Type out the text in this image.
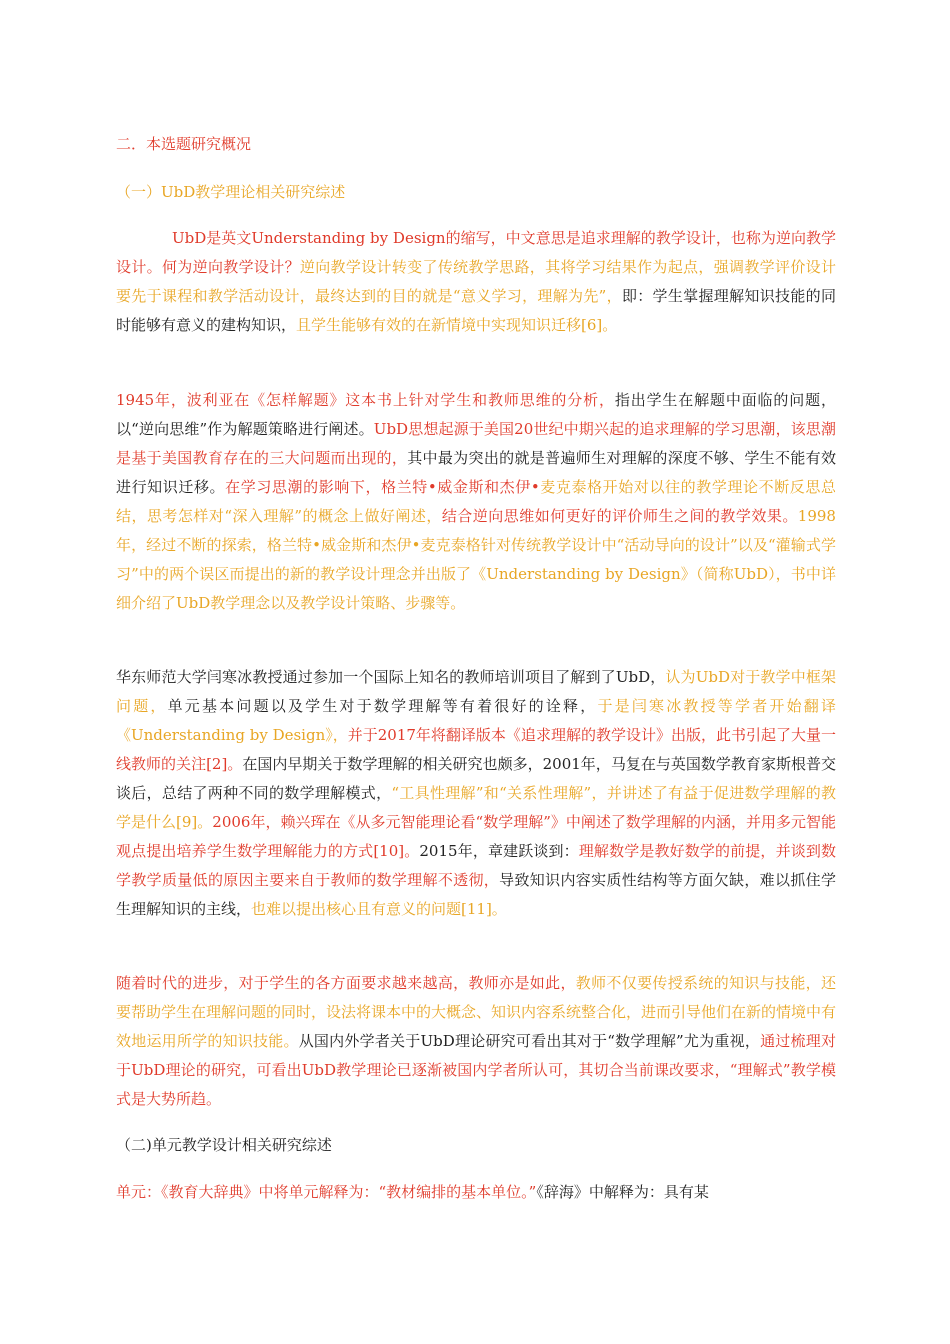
二．本选题研究概况
（一）UbD教学理论相关研究综述
UbD是英文Understanding by Design的缩写，中文意思是追求理解的教学设计，也称为逆向教学设计。何为逆向教学设计？逆向教学设计转变了传统教学思路，其将学习结果作为起点，强调教学评价设计要先于课程和教学活动设计，最终达到的目的就是“意义学习，理解为先”，即：学生掌握理解知识技能的同时能够有意义的建构知识，且学生能够有效的在新情境中实现知识迁移[6]。
1945年，波利亚在《怎样解题》这本书上针对学生和教师思维的分析，指出学生在解题中面临的问题，以“逆向思维”作为解题策略进行阐述。UbD思想起源于美国20世纪中期兴起的追求理解的学习思潮，该思潮是基于美国教育存在的三大问题而出现的，其中最为突出的就是普遍师生对理解的深度不够、学生不能有效进行知识迁移。在学习思潮的影响下，格兰特•威金斯和杰伊•麦克泰格开始对以往的教学理论不断反思总结，思考怎样对“深入理解”的概念上做好阐述，结合逆向思维如何更好的评价师生之间的教学效果。1998年，经过不断的探索，格兰特•威金斯和杰伊•麦克泰格针对传统教学设计中“活动导向的设计”以及“灌输式学习”中的两个误区而提出的新的教学设计理念并出版了《Understanding by Design》（简称UbD），书中详细介绍了UbD教学理念以及教学设计策略、步骤等。
华东师范大学闫寒冰教授通过参加一个国际上知名的教师培训项目了解到了UbD，认为UbD对于教学中框架问题，单元基本问题以及学生对于数学理解等有着很好的诠释，于是闫寒冰教授等学者开始翻译《Understanding by Design》，并于2017年将翻译版本《追求理解的教学设计》出版，此书引起了大量一线教师的关注[2]。在国内早期关于数学理解的相关研究也颇多，2001年，马复在与英国数学教育家斯根普交谈后，总结了两种不同的数学理解模式，“工具性理解”和“关系性理解”，并讲述了有益于促进数学理解的教学是什么[9]。2006年，赖兴珲在《从多元智能理论看“数学理解”》中阐述了数学理解的内涵，并用多元智能观点提出培养学生数学理解能力的方式[10]。2015年，章建跃谈到：理解数学是教好数学的前提，并谈到数学教学质量低的原因主要来自于教师的数学理解不透彻，导致知识内容实质性结构等方面欠缺，难以抓住学生理解知识的主线，也难以提出核心且有意义的问题[11]。
随着时代的进步，对于学生的各方面要求越来越高，教师亦是如此，教师不仅要传授系统的知识与技能，还要帮助学生在理解问题的同时，设法将课本中的大概念、知识内容系统整合化，进而引导他们在新的情境中有效地运用所学的知识技能。从国内外学者关于UbD理论研究可看出其对于“数学理解”尤为重视，通过梳理对于UbD理论的研究，可看出UbD教学理论已逐渐被国内学者所认可，其切合当前课改要求，“理解式”教学模式是大势所趋。
（二)单元教学设计相关研究综述
单元：《教育大辞典》中将单元解释为：“教材编排的基本单位。”《辞海》中解释为：具有某
